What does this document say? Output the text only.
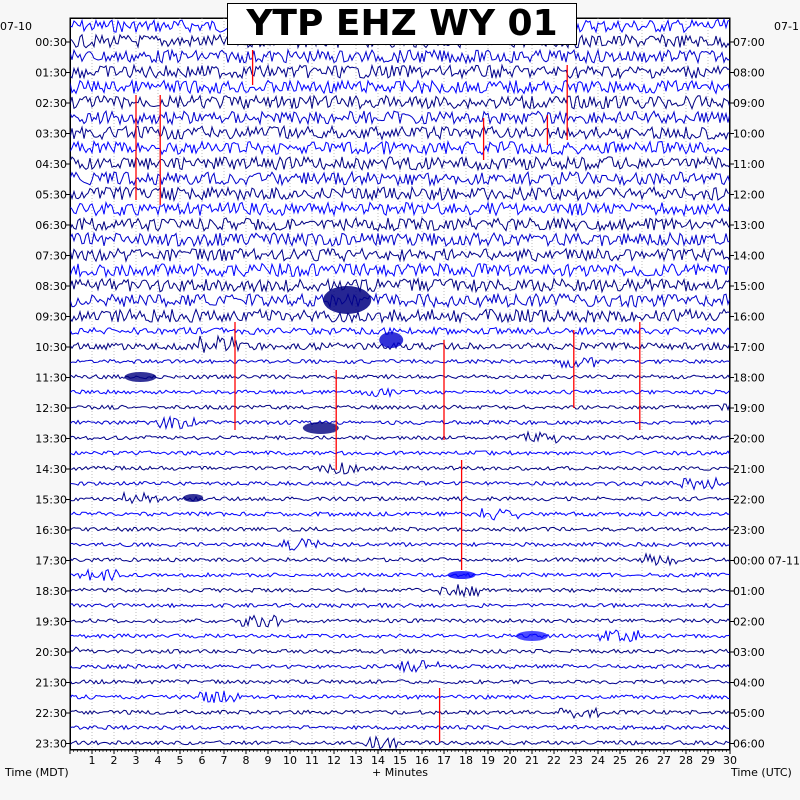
YTP EHZ WY 01
07-10	07-1
Time (MDT)	+ Minutes	Time (UTC)
1 2 3 4 5 6 7 8 9 10 11 12 13 14 15 16 17 18 19 20 21 22 23 24 25 26 27 28 29 30
00:30
01:30
02:30
03:30
04:30
05:30
06:30
07:30
08:30
09:30
10:30
11:30
12:30
13:30
14:30
15:30
16:30
17:30
18:30
19:30
20:30
21:30
22:30
23:30
07:00
08:00
09:00
10:00
11:00
12:00
13:00
14:00
15:00
16:00
17:00
18:00
19:00
20:00
21:00
22:00
23:00
00:00 07-11
01:00
02:00
03:00
04:00
05:00
06:00
